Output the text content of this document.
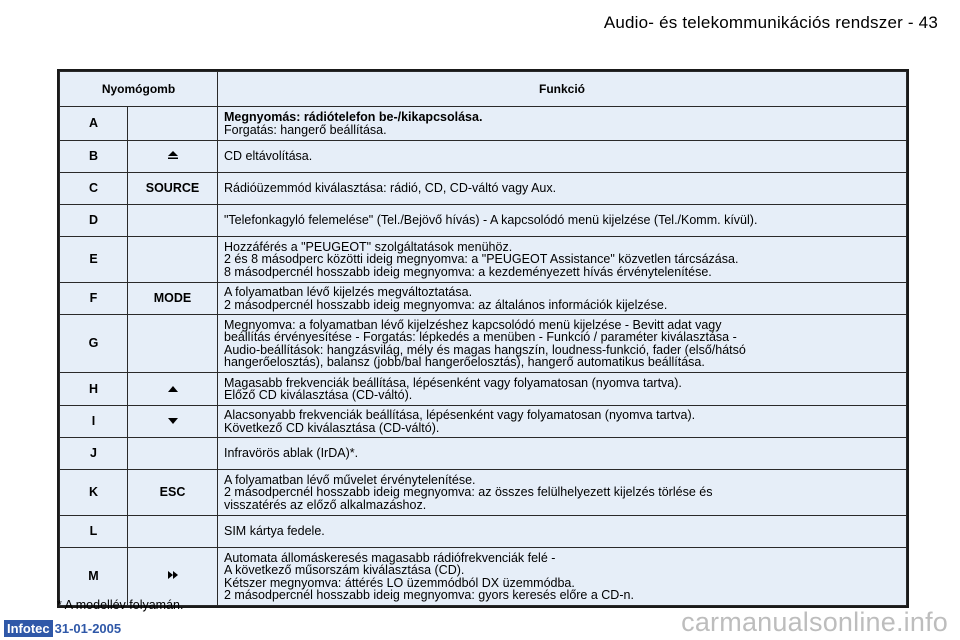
Audio- és telekommunikációs rendszer - 43
Nyomógomb		Funkció
A		Megnyomás: rádiótelefon be-/kikapcsolása.
Forgatás: hangerő beállítása.

B		CD eltávolítása.

C	SOURCE	Rádióüzemmód kiválasztása: rádió, CD, CD-váltó vagy Aux.

D		"Telefonkagyló felemelése" (Tel./Bejövő hívás) - A kapcsolódó menü kijelzése (Tel./Komm. kívül).

E		Hozzáférés a "PEUGEOT" szolgáltatások menühöz.
2 és 8 másodperc közötti ideig megnyomva: a "PEUGEOT Assistance" közvetlen tárcsázása.
8 másodpercnél hosszabb ideig megnyomva: a kezdeményezett hívás érvénytelenítése.

F	MODE	A folyamatban lévő kijelzés megváltoztatása.
2 másodpercnél hosszabb ideig megnyomva: az általános információk kijelzése.

G		Megnyomva: a folyamatban lévő kijelzéshez kapcsolódó menü kijelzése - Bevitt adat vagy
beállítás érvényesítése - Forgatás: lépkedés a menüben - Funkció / paraméter kiválasztása -
Audio-beállítások: hangzásvilág, mély és magas hangszín, loudness-funkció, fader (első/hátsó
hangerőelosztás), balansz (jobb/bal hangerőelosztás), hangerő automatikus beállítása.

H		Magasabb frekvenciák beállítása, lépésenként vagy folyamatosan (nyomva tartva).
Előző CD kiválasztása (CD-váltó).

I		Alacsonyabb frekvenciák beállítása, lépésenként vagy folyamatosan (nyomva tartva).
Következő CD kiválasztása (CD-váltó).

J		Infravörös ablak (IrDA)*.

K	ESC	A folyamatban lévő művelet érvénytelenítése.
2 másodpercnél hosszabb ideig megnyomva: az összes felülhelyezett kijelzés törlése és
visszatérés az előző alkalmazáshoz.

L		SIM kártya fedele.

M		Automata állomáskeresés magasabb rádiófrekvenciák felé -
A következő műsorszám kiválasztása (CD).
Kétszer megnyomva: áttérés LO üzemmódból DX üzemmódba.
2 másodpercnél hosszabb ideig megnyomva: gyors keresés előre a CD-n.
* A modellév folyamán.
Infotec 31-01-2005	carmanualsonline.info
